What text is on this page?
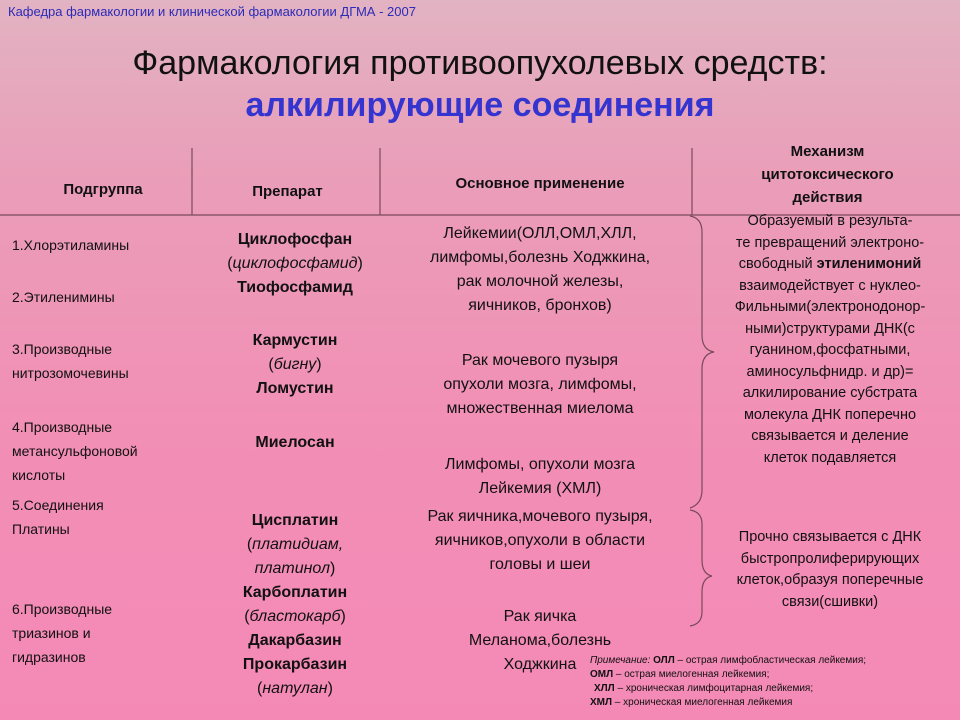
Кафедра фармакологии и клинической фармакологии ДГМА - 2007
Фармакология противоопухолевых средств:
алкилирующие соединения
Подгруппа	Препарат	Основное применение
Механизм
цитотоксического
действия
1.Хлорэтиламины
2.Этиленимины
3.Производные
нитрозомочевины
4.Производные
метансульфоновой
кислоты
5.Соединения
Платины
6.Производные
триазинов и
гидразинов
Циклофосфан
(циклофосфамид)
Тиофосфамид
Кармустин
(бигну)
Ломустин
Миелосан
Цисплатин
(платидиам,
платинол)
Карбоплатин
(бластокарб)
Дакарбазин
Прокарбазин
(натулан)
Лейкемии(ОЛЛ,ОМЛ,ХЛЛ,
лимфомы,болезнь Ходжкина,
рак молочной железы,
яичников, бронхов)
Рак мочевого пузыря
опухоли мозга, лимфомы,
множественная миелома
Лимфомы, опухоли мозга
Лейкемия (ХМЛ)
Рак яичника,мочевого пузыря,
яичников,опухоли в области
головы и шеи
Рак яичка
Меланома,болезнь
Ходжкина
Образуемый в результа-
те превращений электроно-
свободный этиленимоний
взаимодействует с нуклео-
Фильными(электронодонор-
ными)структурами ДНК(с
гуанином,фосфатными,
аминосульфнидр. и др)=
алкилирование субстрата
молекула ДНК поперечно
связывается и деление
клеток подавляется
Прочно связывается с ДНК
быстропролиферирующих
клеток,образуя поперечные
связи(сшивки)
Примечание: ОЛЛ – острая лимфобластическая лейкемия;
ОМЛ – острая миелогенная лейкемия;
ХЛЛ – хроническая лимфоцитарная лейкемия;
ХМЛ – хроническая миелогенная лейкемия
